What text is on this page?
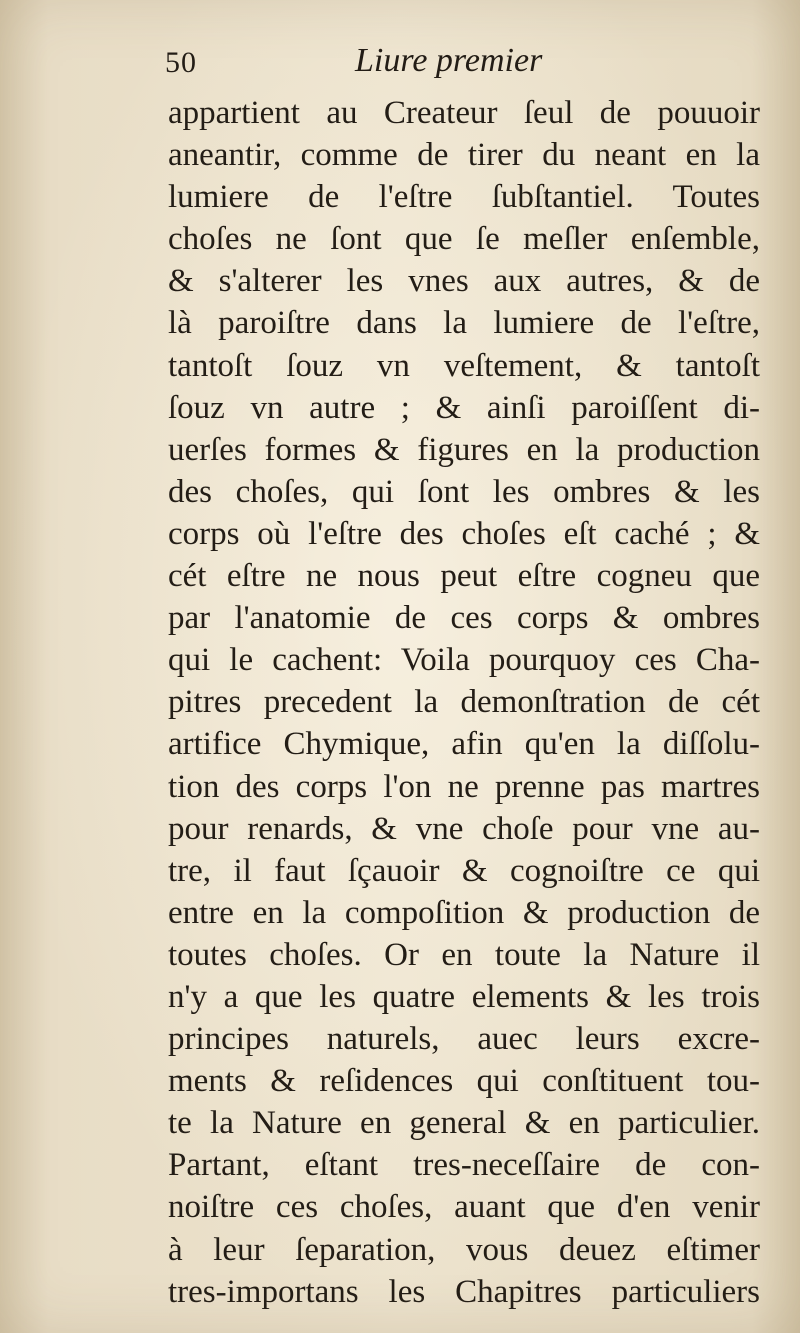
50	Liure premier
appartient au Createur ſeul de pouuoir
aneantir, comme de tirer du neant en la
lumiere de l'eſtre ſubſtantiel. Toutes
choſes ne ſont que ſe meſler enſemble,
& s'alterer les vnes aux autres, & de
là paroiſtre dans la lumiere de l'eſtre,
tantoſt ſouz vn veſtement, & tantoſt
ſouz vn autre ; & ainſi paroiſſent di-
uerſes formes & figures en la production
des choſes, qui ſont les ombres & les
corps où l'eſtre des choſes eſt caché ; &
cét eſtre ne nous peut eſtre cogneu que
par l'anatomie de ces corps & ombres
qui le cachent: Voila pourquoy ces Cha-
pitres precedent la demonſtration de cét
artifice Chymique, afin qu'en la diſſolu-
tion des corps l'on ne prenne pas martres
pour renards, & vne choſe pour vne au-
tre, il faut ſçauoir & cognoiſtre ce qui
entre en la compoſition & production de
toutes choſes. Or en toute la Nature il
n'y a que les quatre elements & les trois
principes naturels, auec leurs excre-
ments & reſidences qui conſtituent tou-
te la Nature en general & en particulier.
Partant, eſtant tres-neceſſaire de con-
noiſtre ces choſes, auant que d'en venir
à leur ſeparation, vous deuez eſtimer
tres-importans les Chapitres particuliers
